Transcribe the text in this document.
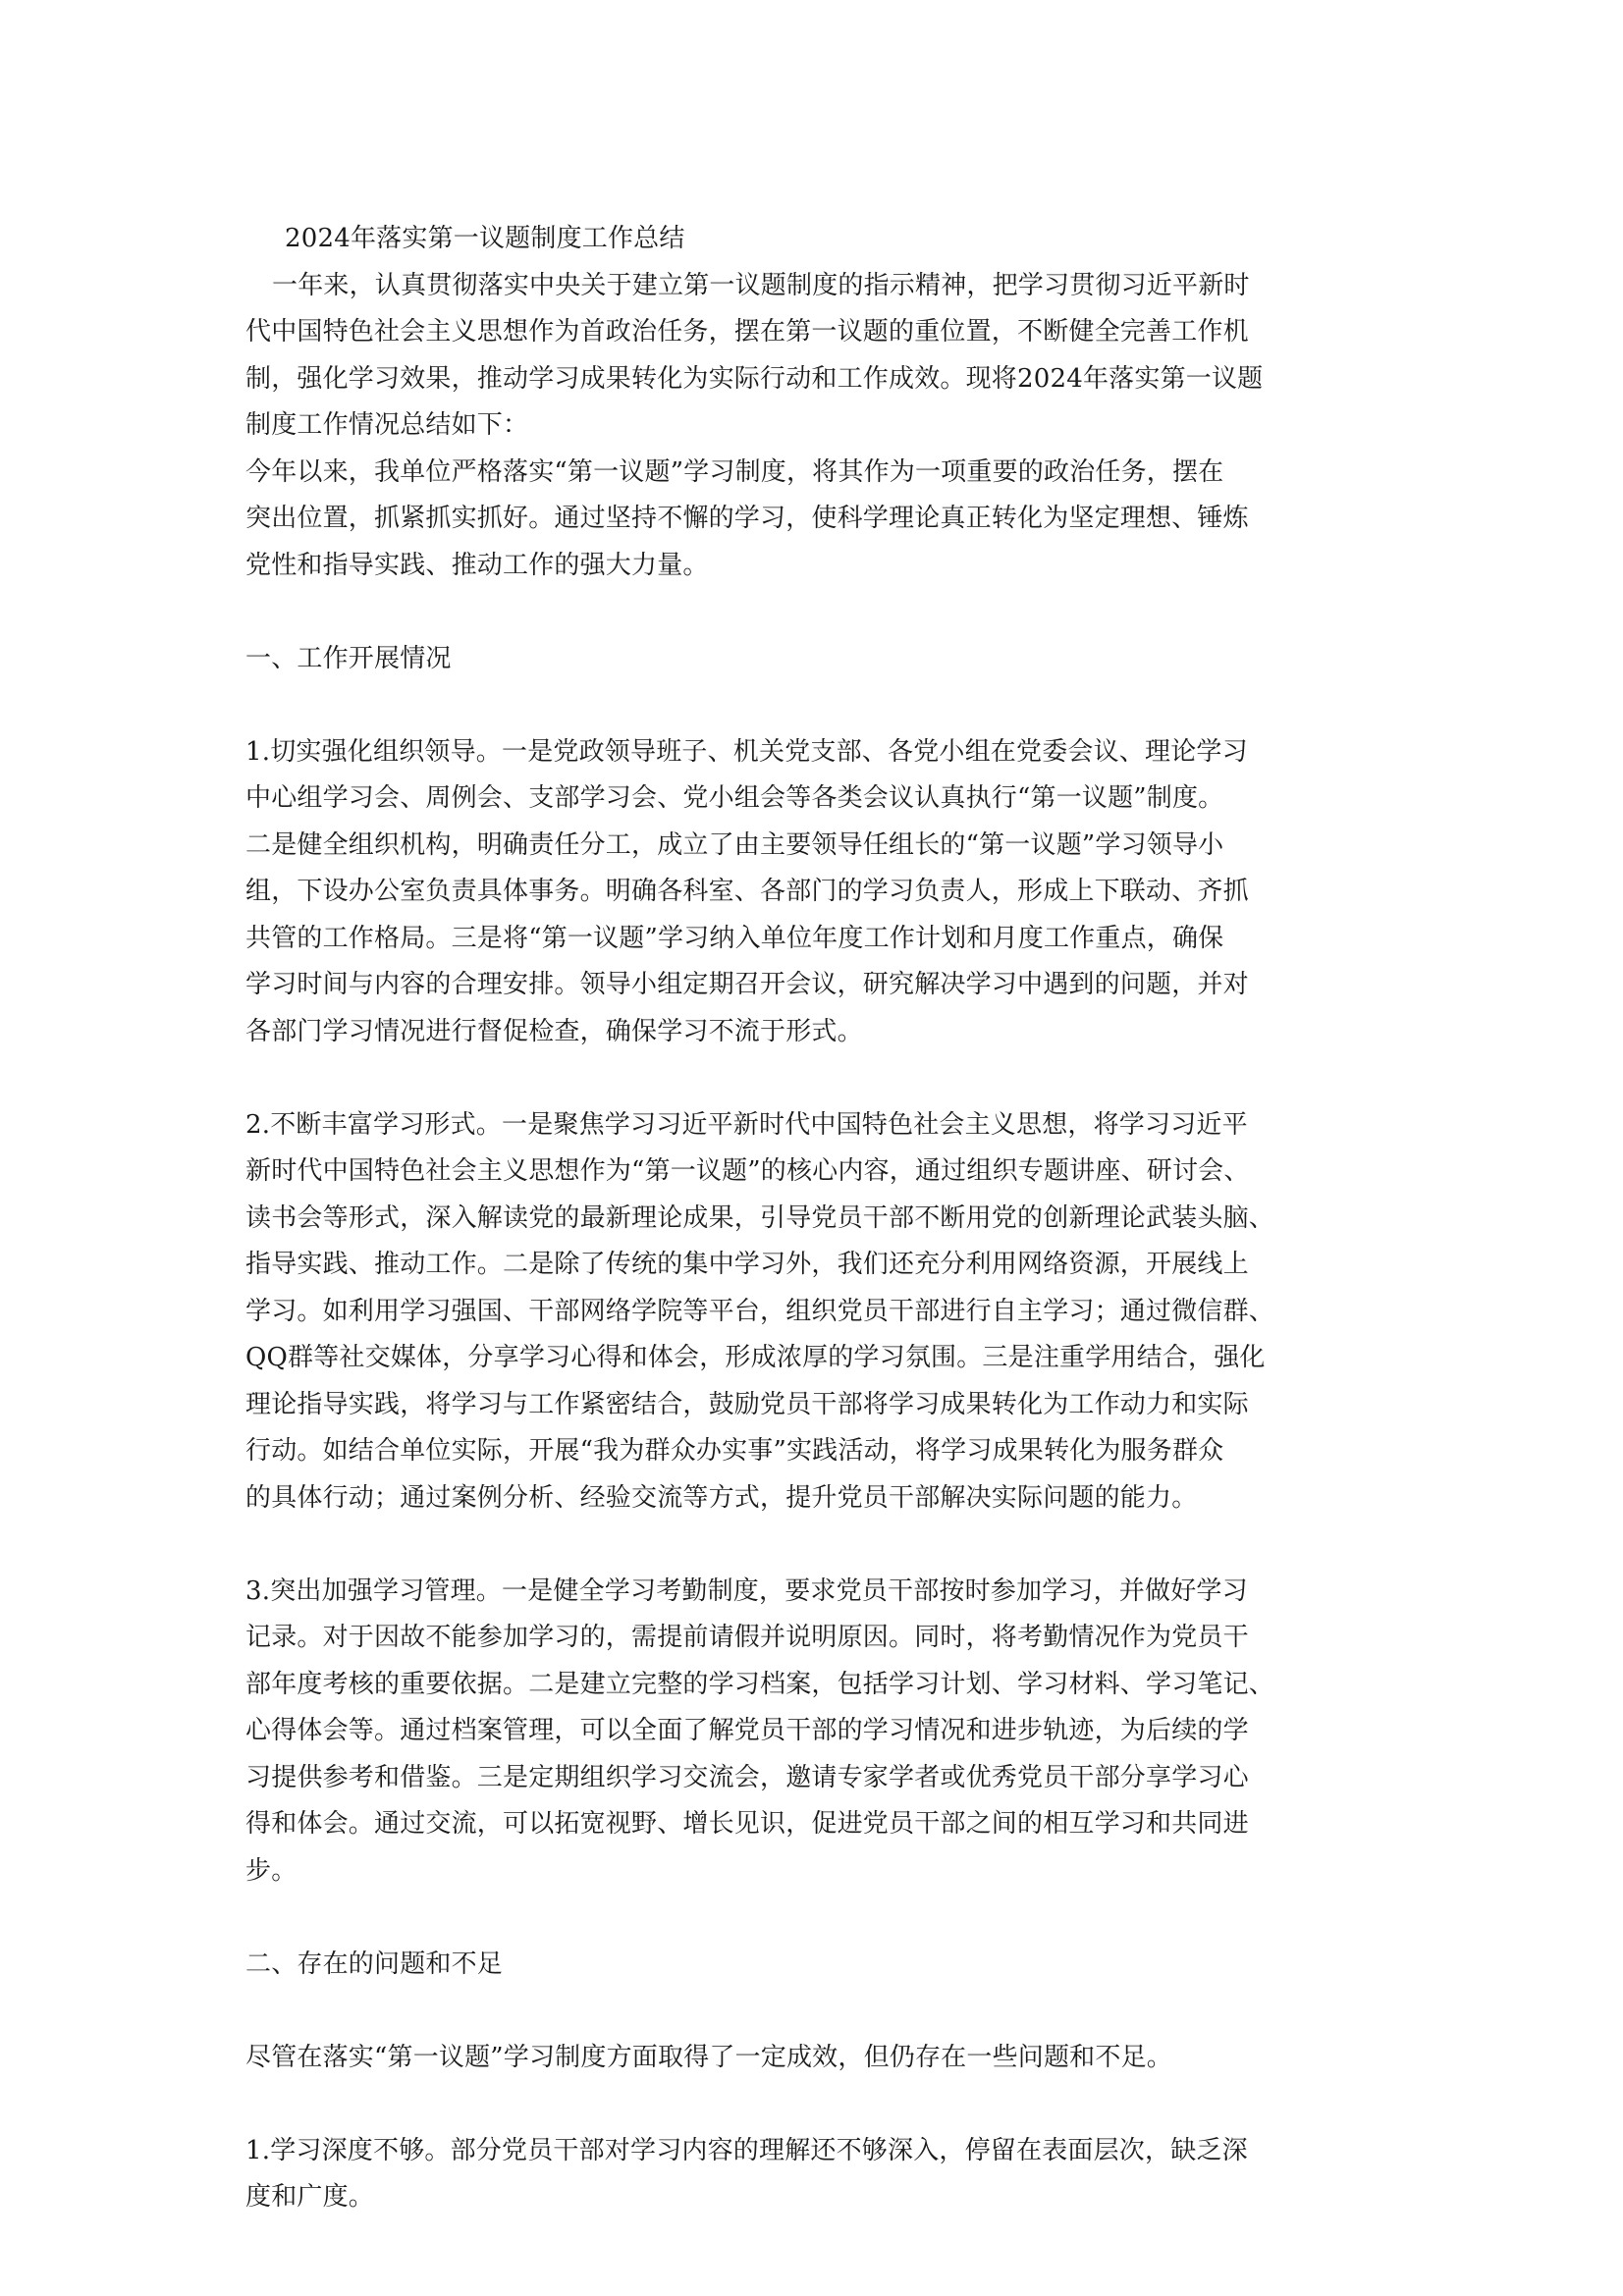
2024年落实第一议题制度工作总结
一年来，认真贯彻落实中央关于建立第一议题制度的指示精神，把学习贯彻习近平新时
代中国特色社会主义思想作为首政治任务，摆在第一议题的重位置，不断健全完善工作机
制，强化学习效果，推动学习成果转化为实际行动和工作成效。现将2024年落实第一议题
制度工作情况总结如下：
今年以来，我单位严格落实“第一议题”学习制度，将其作为一项重要的政治任务，摆在
突出位置，抓紧抓实抓好。通过坚持不懈的学习，使科学理论真正转化为坚定理想、锤炼
党性和指导实践、推动工作的强大力量。
一、工作开展情况
1.切实强化组织领导。一是党政领导班子、机关党支部、各党小组在党委会议、理论学习
中心组学习会、周例会、支部学习会、党小组会等各类会议认真执行“第一议题”制度。
二是健全组织机构，明确责任分工，成立了由主要领导任组长的“第一议题”学习领导小
组，下设办公室负责具体事务。明确各科室、各部门的学习负责人，形成上下联动、齐抓
共管的工作格局。三是将“第一议题”学习纳入单位年度工作计划和月度工作重点，确保
学习时间与内容的合理安排。领导小组定期召开会议，研究解决学习中遇到的问题，并对
各部门学习情况进行督促检查，确保学习不流于形式。
2.不断丰富学习形式。一是聚焦学习习近平新时代中国特色社会主义思想，将学习习近平
新时代中国特色社会主义思想作为“第一议题”的核心内容，通过组织专题讲座、研讨会、
读书会等形式，深入解读党的最新理论成果，引导党员干部不断用党的创新理论武装头脑、
指导实践、推动工作。二是除了传统的集中学习外，我们还充分利用网络资源，开展线上
学习。如利用学习强国、干部网络学院等平台，组织党员干部进行自主学习；通过微信群、
QQ群等社交媒体，分享学习心得和体会，形成浓厚的学习氛围。三是注重学用结合，强化
理论指导实践，将学习与工作紧密结合，鼓励党员干部将学习成果转化为工作动力和实际
行动。如结合单位实际，开展“我为群众办实事”实践活动，将学习成果转化为服务群众
的具体行动；通过案例分析、经验交流等方式，提升党员干部解决实际问题的能力。
3.突出加强学习管理。一是健全学习考勤制度，要求党员干部按时参加学习，并做好学习
记录。对于因故不能参加学习的，需提前请假并说明原因。同时，将考勤情况作为党员干
部年度考核的重要依据。二是建立完整的学习档案，包括学习计划、学习材料、学习笔记、
心得体会等。通过档案管理，可以全面了解党员干部的学习情况和进步轨迹，为后续的学
习提供参考和借鉴。三是定期组织学习交流会，邀请专家学者或优秀党员干部分享学习心
得和体会。通过交流，可以拓宽视野、增长见识，促进党员干部之间的相互学习和共同进
步。
二、存在的问题和不足
尽管在落实“第一议题”学习制度方面取得了一定成效，但仍存在一些问题和不足。
1.学习深度不够。部分党员干部对学习内容的理解还不够深入，停留在表面层次，缺乏深
度和广度。
